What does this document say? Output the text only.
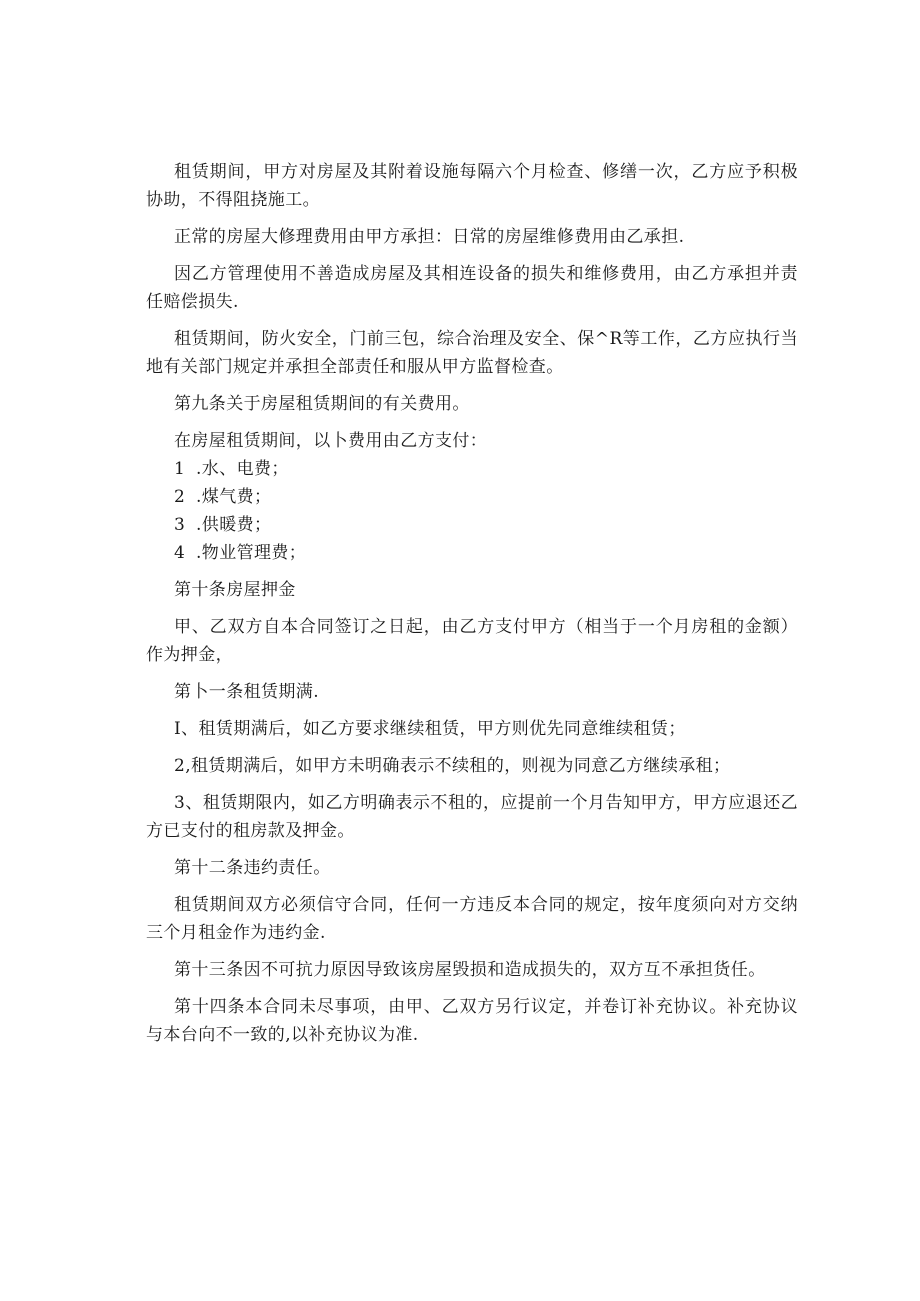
租赁期间，甲方对房屋及其附着设施每隔六个月检查、修缮一次，乙方应予积极协助，不得阻挠施工。

正常的房屋大修理费用由甲方承担：日常的房屋维修费用由乙承担.

因乙方管理使用不善造成房屋及其相连设备的损失和维修费用，由乙方承担并责任赔偿损失.

租赁期间，防火安全，门前三包，综合治理及安全、保^R等工作，乙方应执行当地有关部门规定并承担全部责任和服从甲方监督检查。

第九条关于房屋租赁期间的有关费用。

在房屋租赁期间，以卜费用由乙方支付：

1 .水、电费；
2 .煤气费；
3 .供暖费；
4 .物业管理费；

第十条房屋押金

甲、乙双方自本合同签订之日起，由乙方支付甲方（相当于一个月房租的金额）作为押金，

第卜一条租赁期满.

I、租赁期满后，如乙方要求继续租赁，甲方则优先同意维续租赁；

2,租赁期满后，如甲方未明确表示不续租的，则视为同意乙方继续承租；

3、租赁期限内，如乙方明确表示不租的，应提前一个月告知甲方，甲方应退还乙方已支付的租房款及押金。

第十二条违约责任。

租赁期间双方必须信守合同，任何一方违反本合同的规定，按年度须向对方交纳三个月租金作为违约金.

第十三条因不可抗力原因导致该房屋毁损和造成损失的，双方互不承担货任。

第十四条本合同未尽事项，由甲、乙双方另行议定，并卷订补充协议。补充协议与本台向不一致的,以补充协议为准.
